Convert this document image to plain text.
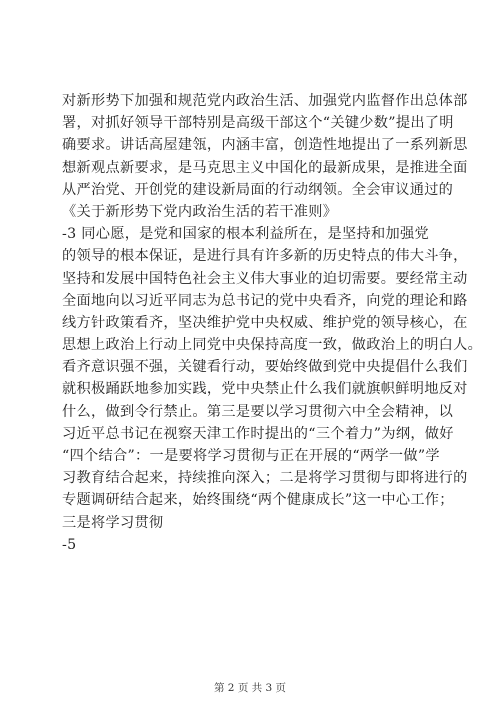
对新形势下加强和规范党内政治生活、加强党内监督作出总体部
署，对抓好领导干部特别是高级干部这个“关键少数”提出了明
确要求。讲话高屋建瓴，内涵丰富，创造性地提出了一系列新思
想新观点新要求，是马克思主义中国化的最新成果，是推进全面
从严治党、开创党的建设新局面的行动纲领。全会审议通过的
《关于新形势下党内政治生活的若干准则》
-3 同心愿，是党和国家的根本利益所在，是坚持和加强党
的领导的根本保证，是进行具有许多新的历史特点的伟大斗争，
坚持和发展中国特色社会主义伟大事业的迫切需要。要经常主动
全面地向以习近平同志为总书记的党中央看齐，向党的理论和路
线方针政策看齐，坚决维护党中央权威、维护党的领导核心，在
思想上政治上行动上同党中央保持高度一致，做政治上的明白人。
看齐意识强不强，关键看行动，要始终做到党中央提倡什么我们
就积极踊跃地参加实践，党中央禁止什么我们就旗帜鲜明地反对
什么，做到令行禁止。第三是要以学习贯彻六中全会精神，以
习近平总书记在视察天津工作时提出的“三个着力”为纲，做好
“四个结合”：一是要将学习贯彻与正在开展的“两学一做”学
习教育结合起来，持续推向深入；二是将学习贯彻与即将进行的
专题调研结合起来，始终围绕“两个健康成长”这一中心工作；
三是将学习贯彻
-5
第 2 页 共 3 页
